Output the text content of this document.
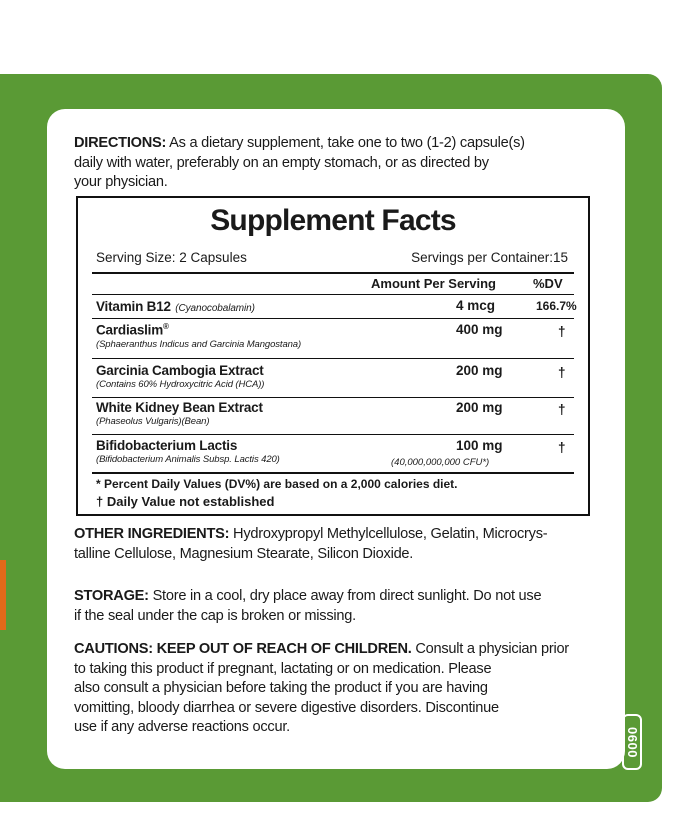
DIRECTIONS: As a dietary supplement, take one to two (1-2) capsule(s)
daily with water, preferably on an empty stomach, or as directed by
your physician.
Supplement Facts
Serving Size: 2 Capsules	Servings per Container:15
Amount Per Serving	%DV
Vitamin B12 (Cyanocobalamin)	4 mcg	166.7%
Cardiaslim®
(Sphaeranthus Indicus and Garcinia Mangostana)
400 mg	†
Garcinia Cambogia Extract
(Contains 60% Hydroxycitric Acid (HCA))
200 mg	†
White Kidney Bean Extract
(Phaseolus Vulgaris)(Bean)
200 mg	†
Bifidobacterium Lactis
(Bifidobacterium Animalis Subsp. Lactis 420)
100 mg
(40,000,000,000 CFU*)
†
* Percent Daily Values (DV%) are based on a 2,000 calories diet.
† Daily Value not established
OTHER INGREDIENTS: Hydroxypropyl Methylcellulose, Gelatin, Microcrys-
talline Cellulose, Magnesium Stearate, Silicon Dioxide.
STORAGE: Store in a cool, dry place away from direct sunlight. Do not use
if the seal under the cap is broken or missing.
CAUTIONS: KEEP OUT OF REACH OF CHILDREN. Consult a physician prior
to taking this product if pregnant, lactating or on medication. Please
also consult a physician before taking the product if you are having
vomitting, bloody diarrhea or severe digestive disorders. Discontinue
use if any adverse reactions occur.	0600
